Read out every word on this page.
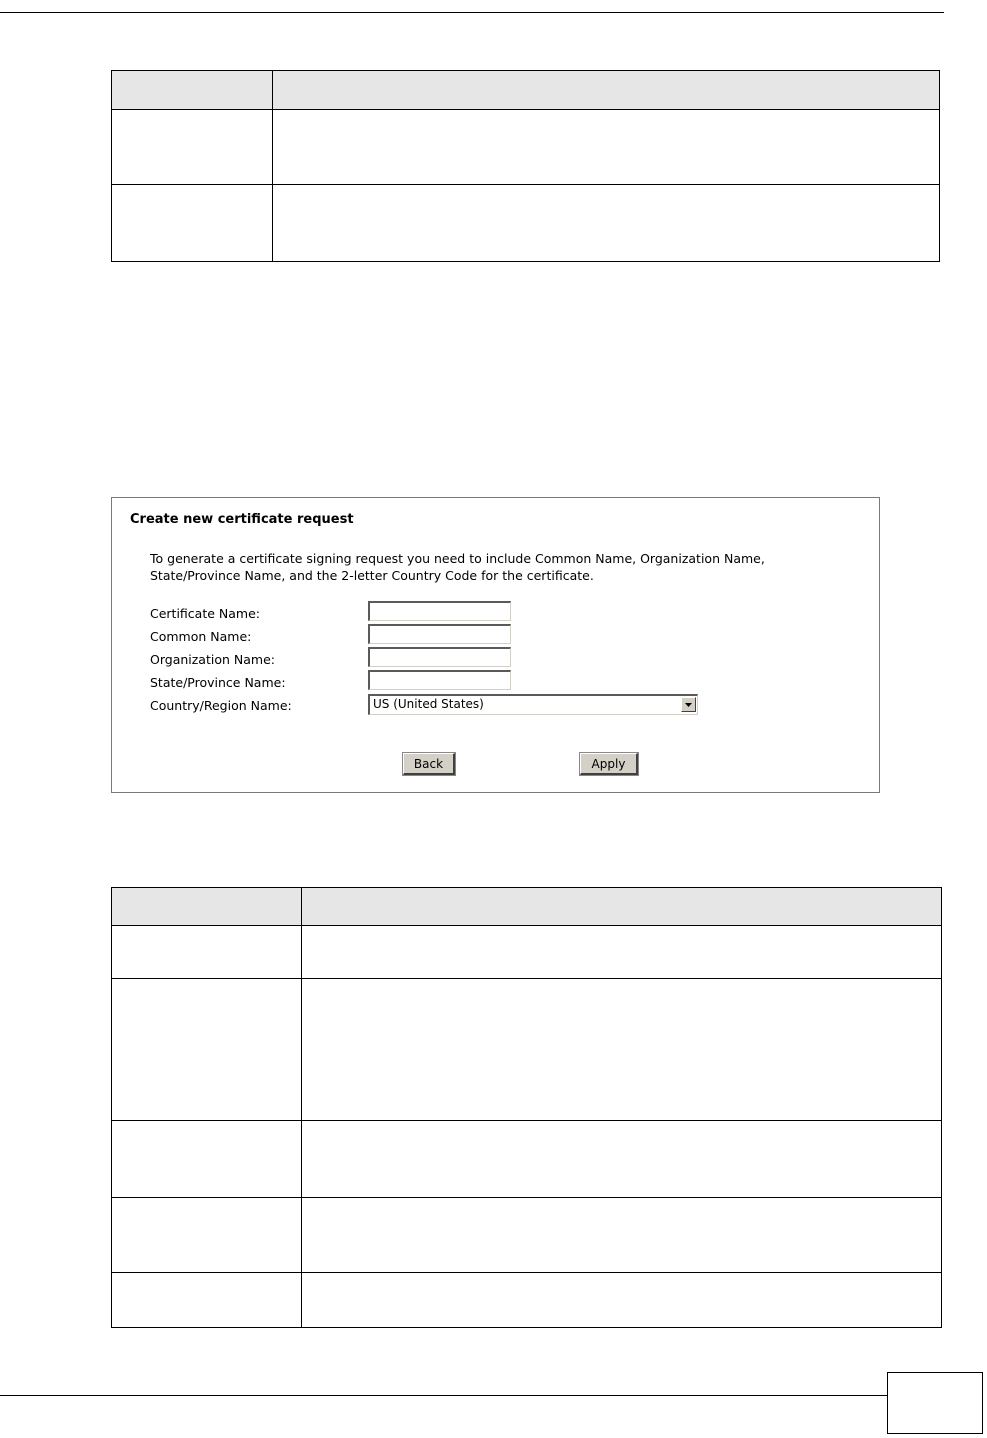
Create new certificate request
To generate a certificate signing request you need to include Common Name, Organization Name, State/Province Name, and the 2-letter Country Code for the certificate.
Certificate Name:
Common Name:
Organization Name:
State/Province Name:
Country/Region Name:	US (United States)
Back	Apply
